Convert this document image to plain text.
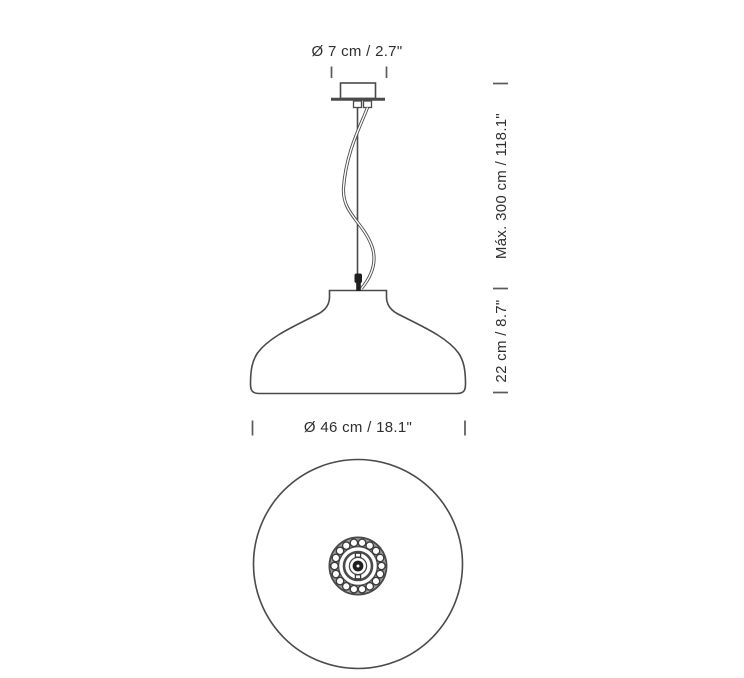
Ø 7 cm / 2.7"
Máx. 300 cm / 118.1"
22 cm / 8.7"
Ø 46 cm / 18.1"
